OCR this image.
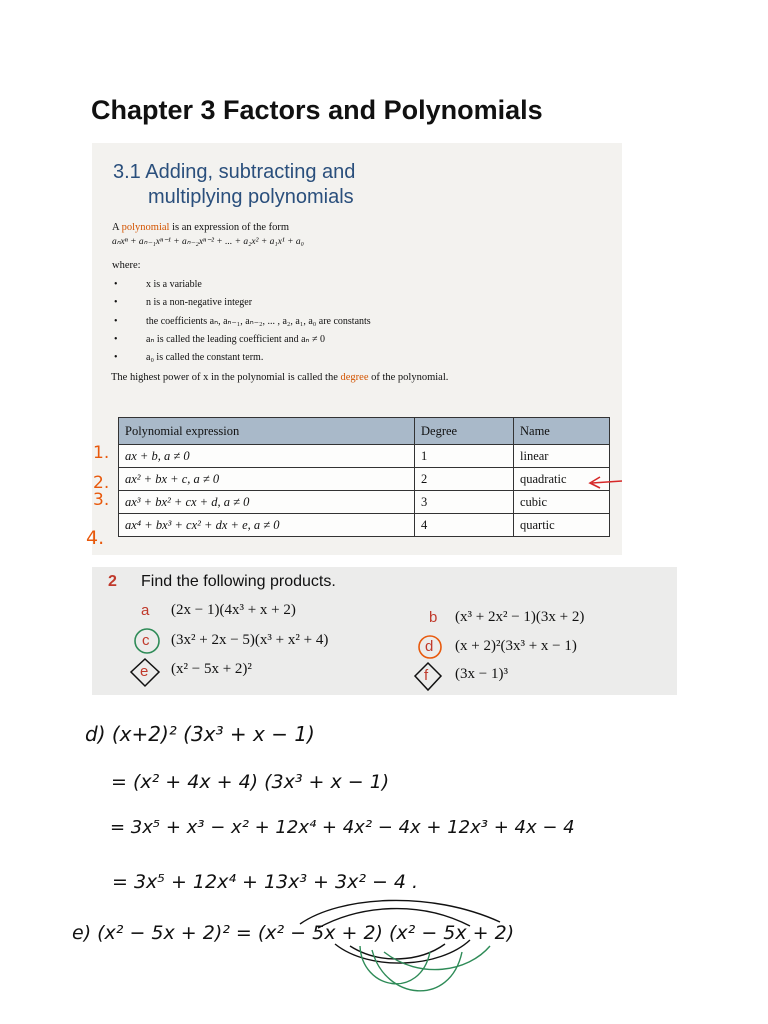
Chapter 3 Factors and Polynomials
3.1 Adding, subtracting and
multiplying polynomials
A polynomial is an expression of the form
aₙxⁿ + aₙ₋₁xⁿ⁻¹ + aₙ₋₂xⁿ⁻² + ... + a₂x² + a₁x¹ + a₀
where:
•	x is a variable
•	n is a non-negative integer
•	the coefficients aₙ, aₙ₋₁, aₙ₋₂, ... , a₂, a₁, a₀ are constants
•	aₙ is called the leading coefficient and aₙ ≠ 0
•	a₀ is called the constant term.
The highest power of x in the polynomial is called the degree of the polynomial.
Polynomial expression	Degree	Name
ax + b, a ≠ 0	1	linear
ax² + bx + c, a ≠ 0	2	quadratic
ax³ + bx² + cx + d, a ≠ 0	3	cubic
ax⁴ + bx³ + cx² + dx + e, a ≠ 0	4	quartic
1.
2.
3.
4.
2 Find the following products.
a (2x − 1)(4x³ + x + 2)	b (x³ + 2x² − 1)(3x + 2)
c (3x² + 2x − 5)(x³ + x² + 4)	d (x + 2)²(3x³ + x − 1)
e (x² − 5x + 2)²	f (3x − 1)³
d) (x+2)² (3x³ + x − 1)
= (x² + 4x + 4) (3x³ + x − 1)
= 3x⁵ + x³ − x² + 12x⁴ + 4x² − 4x + 12x³ + 4x − 4
= 3x⁵ + 12x⁴ + 13x³ + 3x² − 4 .
e) (x² − 5x + 2)² = (x² − 5x + 2) (x² − 5x + 2)
